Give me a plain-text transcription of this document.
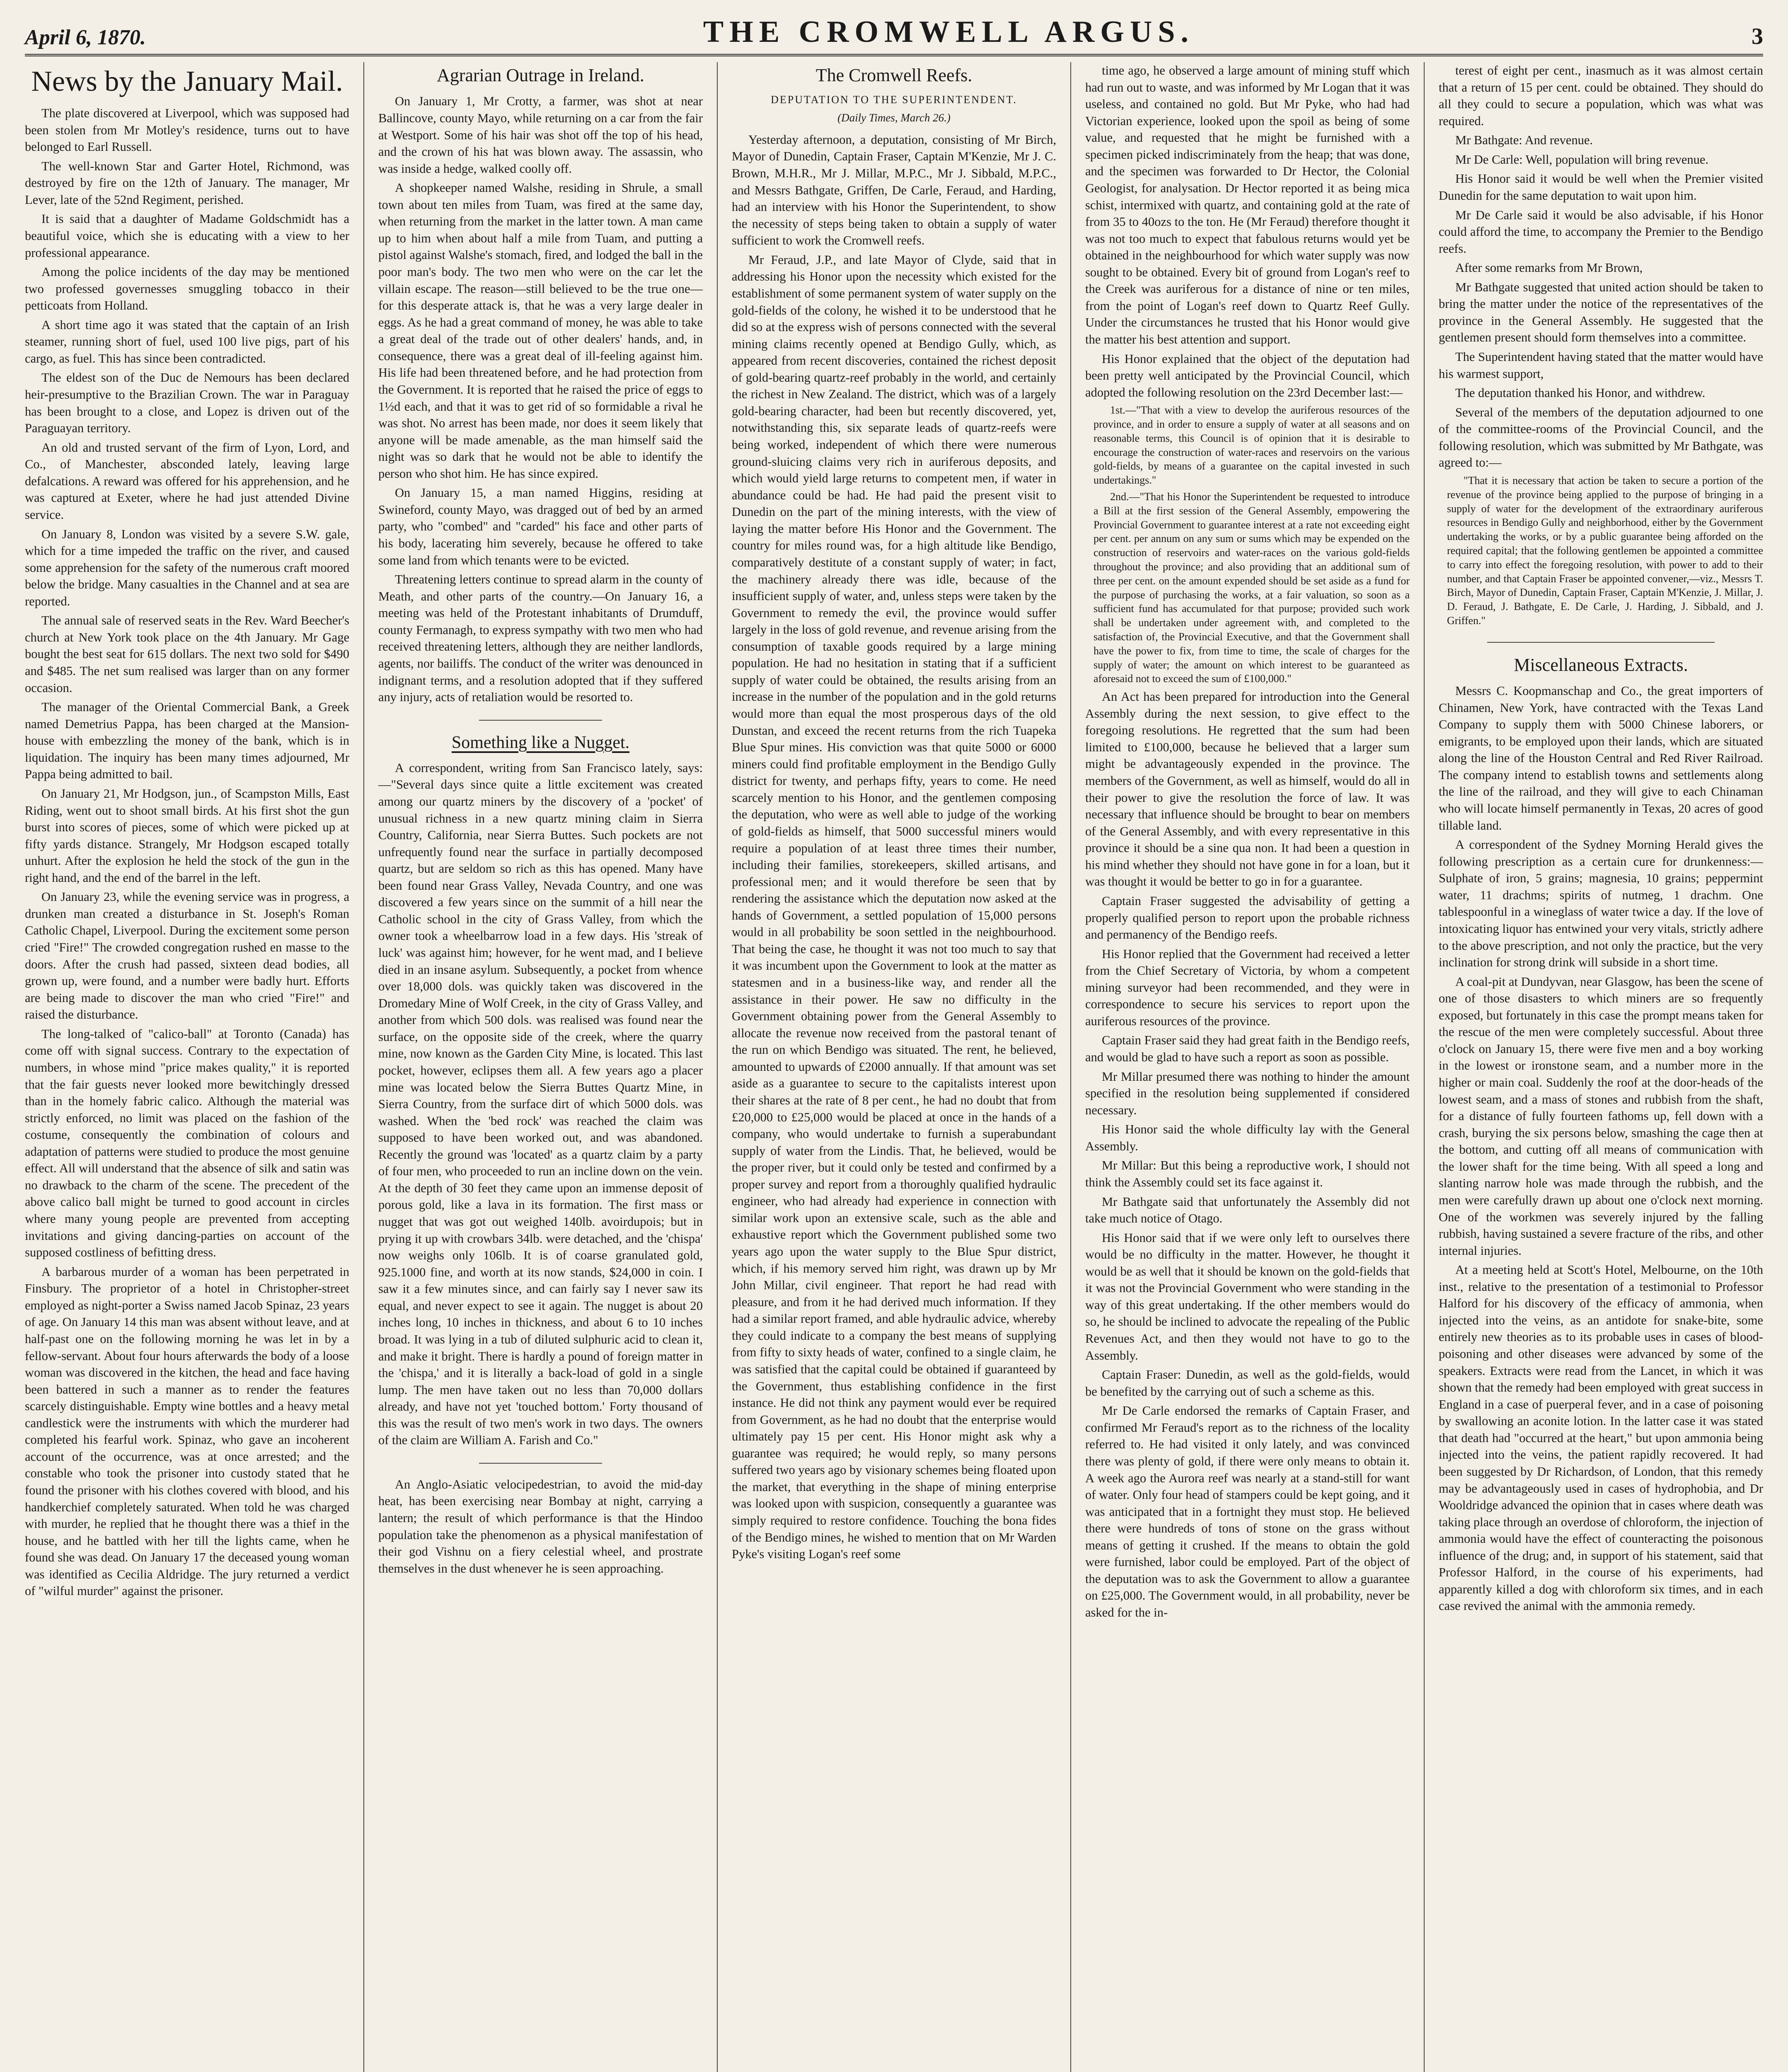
April 6, 1870.	THE CROMWELL ARGUS.	3
News by the January Mail.

The plate discovered at Liverpool, which was supposed had been stolen from Mr Motley's residence, turns out to have belonged to Earl Russell.

The well-known Star and Garter Hotel, Richmond, was destroyed by fire on the 12th of January. The manager, Mr Lever, late of the 52nd Regiment, perished.

It is said that a daughter of Madame Goldschmidt has a beautiful voice, which she is educating with a view to her professional appearance.

Among the police incidents of the day may be mentioned two professed governesses smuggling tobacco in their petticoats from Holland.

A short time ago it was stated that the captain of an Irish steamer, running short of fuel, used 100 live pigs, part of his cargo, as fuel. This has since been contradicted.

The eldest son of the Duc de Nemours has been declared heir-presumptive to the Brazilian Crown. The war in Paraguay has been brought to a close, and Lopez is driven out of the Paraguayan territory.

An old and trusted servant of the firm of Lyon, Lord, and Co., of Manchester, absconded lately, leaving large defalcations. A reward was offered for his apprehension, and he was captured at Exeter, where he had just attended Divine service.

On January 8, London was visited by a severe S.W. gale, which for a time impeded the traffic on the river, and caused some apprehension for the safety of the numerous craft moored below the bridge. Many casualties in the Channel and at sea are reported.

The annual sale of reserved seats in the Rev. Ward Beecher's church at New York took place on the 4th January. Mr Gage bought the best seat for 615 dollars. The next two sold for $490 and $485. The net sum realised was larger than on any former occasion.

The manager of the Oriental Commercial Bank, a Greek named Demetrius Pappa, has been charged at the Mansion-house with embezzling the money of the bank, which is in liquidation. The inquiry has been many times adjourned, Mr Pappa being admitted to bail.

On January 21, Mr Hodgson, jun., of Scampston Mills, East Riding, went out to shoot small birds. At his first shot the gun burst into scores of pieces, some of which were picked up at fifty yards distance. Strangely, Mr Hodgson escaped totally unhurt. After the explosion he held the stock of the gun in the right hand, and the end of the barrel in the left.

On January 23, while the evening service was in progress, a drunken man created a disturbance in St. Joseph's Roman Catholic Chapel, Liverpool. During the excitement some person cried "Fire!" The crowded congregation rushed en masse to the doors. After the crush had passed, sixteen dead bodies, all grown up, were found, and a number were badly hurt. Efforts are being made to discover the man who cried "Fire!" and raised the disturbance.

The long-talked of "calico-ball" at Toronto (Canada) has come off with signal success. Contrary to the expectation of numbers, in whose mind "price makes quality," it is reported that the fair guests never looked more bewitchingly dressed than in the homely fabric calico. Although the material was strictly enforced, no limit was placed on the fashion of the costume, consequently the combination of colours and adaptation of patterns were studied to produce the most genuine effect. All will understand that the absence of silk and satin was no drawback to the charm of the scene. The precedent of the above calico ball might be turned to good account in circles where many young people are prevented from accepting invitations and giving dancing-parties on account of the supposed costliness of befitting dress.

A barbarous murder of a woman has been perpetrated in Finsbury. The proprietor of a hotel in Christopher-street employed as night-porter a Swiss named Jacob Spinaz, 23 years of age. On January 14 this man was absent without leave, and at half-past one on the following morning he was let in by a fellow-servant. About four hours afterwards the body of a loose woman was discovered in the kitchen, the head and face having been battered in such a manner as to render the features scarcely distinguishable. Empty wine bottles and a heavy metal candlestick were the instruments with which the murderer had completed his fearful work. Spinaz, who gave an incoherent account of the occurrence, was at once arrested; and the constable who took the prisoner into custody stated that he found the prisoner with his clothes covered with blood, and his handkerchief completely saturated. When told he was charged with murder, he replied that he thought there was a thief in the house, and he battled with her till the lights came, when he found she was dead. On January 17 the deceased young woman was identified as Cecilia Aldridge. The jury returned a verdict of "wilful murder" against the prisoner.

Agrarian Outrage in Ireland.

On January 1, Mr Crotty, a farmer, was shot at near Ballincove, county Mayo, while returning on a car from the fair at Westport. Some of his hair was shot off the top of his head, and the crown of his hat was blown away. The assassin, who was inside a hedge, walked coolly off.

A shopkeeper named Walshe, residing in Shrule, a small town about ten miles from Tuam, was fired at the same day, when returning from the market in the latter town. A man came up to him when about half a mile from Tuam, and putting a pistol against Walshe's stomach, fired, and lodged the ball in the poor man's body. The two men who were on the car let the villain escape. The reason—still believed to be the true one—for this desperate attack is, that he was a very large dealer in eggs. As he had a great command of money, he was able to take a great deal of the trade out of other dealers' hands, and, in consequence, there was a great deal of ill-feeling against him. His life had been threatened before, and he had protection from the Government. It is reported that he raised the price of eggs to 1½d each, and that it was to get rid of so formidable a rival he was shot. No arrest has been made, nor does it seem likely that anyone will be made amenable, as the man himself said the night was so dark that he would not be able to identify the person who shot him. He has since expired.

On January 15, a man named Higgins, residing at Swineford, county Mayo, was dragged out of bed by an armed party, who "combed" and "carded" his face and other parts of his body, lacerating him severely, because he offered to take some land from which tenants were to be evicted.

Threatening letters continue to spread alarm in the county of Meath, and other parts of the country.—On January 16, a meeting was held of the Protestant inhabitants of Drumduff, county Fermanagh, to express sympathy with two men who had received threatening letters, although they are neither landlords, agents, nor bailiffs. The conduct of the writer was denounced in indignant terms, and a resolution adopted that if they suffered any injury, acts of retaliation would be resorted to.

Something like a Nugget.

A correspondent, writing from San Francisco lately, says:—"Several days since quite a little excitement was created among our quartz miners by the discovery of a 'pocket' of unusual richness in a new quartz mining claim in Sierra Country, California, near Sierra Buttes. Such pockets are not unfrequently found near the surface in partially decomposed quartz, but are seldom so rich as this has opened. Many have been found near Grass Valley, Nevada Country, and one was discovered a few years since on the summit of a hill near the Catholic school in the city of Grass Valley, from which the owner took a wheelbarrow load in a few days. His 'streak of luck' was against him; however, for he went mad, and I believe died in an insane asylum. Subsequently, a pocket from whence over 18,000 dols. was quickly taken was discovered in the Dromedary Mine of Wolf Creek, in the city of Grass Valley, and another from which 500 dols. was realised was found near the surface, on the opposite side of the creek, where the quarry mine, now known as the Garden City Mine, is located. This last pocket, however, eclipses them all. A few years ago a placer mine was located below the Sierra Buttes Quartz Mine, in Sierra Country, from the surface dirt of which 5000 dols. was washed. When the 'bed rock' was reached the claim was supposed to have been worked out, and was abandoned. Recently the ground was 'located' as a quartz claim by a party of four men, who proceeded to run an incline down on the vein. At the depth of 30 feet they came upon an immense deposit of porous gold, like a lava in its formation. The first mass or nugget that was got out weighed 140lb. avoirdupois; but in prying it up with crowbars 34lb. were detached, and the 'chispa' now weighs only 106lb. It is of coarse granulated gold, 925.1000 fine, and worth at its now stands, $24,000 in coin. I saw it a few minutes since, and can fairly say I never saw its equal, and never expect to see it again. The nugget is about 20 inches long, 10 inches in thickness, and about 6 to 10 inches broad. It was lying in a tub of diluted sulphuric acid to clean it, and make it bright. There is hardly a pound of foreign matter in the 'chispa,' and it is literally a back-load of gold in a single lump. The men have taken out no less than 70,000 dollars already, and have not yet 'touched bottom.' Forty thousand of this was the result of two men's work in two days. The owners of the claim are William A. Farish and Co."

An Anglo-Asiatic velocipedestrian, to avoid the mid-day heat, has been exercising near Bombay at night, carrying a lantern; the result of which performance is that the Hindoo population take the phenomenon as a physical manifestation of their god Vishnu on a fiery celestial wheel, and prostrate themselves in the dust whenever he is seen approaching.

The Cromwell Reefs.
DEPUTATION TO THE SUPERINTENDENT.
(Daily Times, March 26.)

Yesterday afternoon, a deputation, consisting of Mr Birch, Mayor of Dunedin, Captain Fraser, Captain M'Kenzie, Mr J. C. Brown, M.H.R., Mr J. Millar, M.P.C., Mr J. Sibbald, M.P.C., and Messrs Bathgate, Griffen, De Carle, Feraud, and Harding, had an interview with his Honor the Superintendent, to show the necessity of steps being taken to obtain a supply of water sufficient to work the Cromwell reefs.

Mr Feraud, J.P., and late Mayor of Clyde, said that in addressing his Honor upon the necessity which existed for the establishment of some permanent system of water supply on the gold-fields of the colony, he wished it to be understood that he did so at the express wish of persons connected with the several mining claims recently opened at Bendigo Gully, which, as appeared from recent discoveries, contained the richest deposit of gold-bearing quartz-reef probably in the world, and certainly the richest in New Zealand. The district, which was of a largely gold-bearing character, had been but recently discovered, yet, notwithstanding this, six separate leads of quartz-reefs were being worked, independent of which there were numerous ground-sluicing claims very rich in auriferous deposits, and which would yield large returns to competent men, if water in abundance could be had. He had paid the present visit to Dunedin on the part of the mining interests, with the view of laying the matter before His Honor and the Government. The country for miles round was, for a high altitude like Bendigo, comparatively destitute of a constant supply of water; in fact, the machinery already there was idle, because of the insufficient supply of water, and, unless steps were taken by the Government to remedy the evil, the province would suffer largely in the loss of gold revenue, and revenue arising from the consumption of taxable goods required by a large mining population. He had no hesitation in stating that if a sufficient supply of water could be obtained, the results arising from an increase in the number of the population and in the gold returns would more than equal the most prosperous days of the old Dunstan, and exceed the recent returns from the rich Tuapeka Blue Spur mines. His conviction was that quite 5000 or 6000 miners could find profitable employment in the Bendigo Gully district for twenty, and perhaps fifty, years to come. He need scarcely mention to his Honor, and the gentlemen composing the deputation, who were as well able to judge of the working of gold-fields as himself, that 5000 successful miners would require a population of at least three times their number, including their families, storekeepers, skilled artisans, and professional men; and it would therefore be seen that by rendering the assistance which the deputation now asked at the hands of Government, a settled population of 15,000 persons would in all probability be soon settled in the neighbourhood. That being the case, he thought it was not too much to say that it was incumbent upon the Government to look at the matter as statesmen and in a business-like way, and render all the assistance in their power. He saw no difficulty in the Government obtaining power from the General Assembly to allocate the revenue now received from the pastoral tenant of the run on which Bendigo was situated. The rent, he believed, amounted to upwards of £2000 annually. If that amount was set aside as a guarantee to secure to the capitalists interest upon their shares at the rate of 8 per cent., he had no doubt that from £20,000 to £25,000 would be placed at once in the hands of a company, who would undertake to furnish a superabundant supply of water from the Lindis. That, he believed, would be the proper river, but it could only be tested and confirmed by a proper survey and report from a thoroughly qualified hydraulic engineer, who had already had experience in connection with similar work upon an extensive scale, such as the able and exhaustive report which the Government published some two years ago upon the water supply to the Blue Spur district, which, if his memory served him right, was drawn up by Mr John Millar, civil engineer. That report he had read with pleasure, and from it he had derived much information. If they had a similar report framed, and able hydraulic advice, whereby they could indicate to a company the best means of supplying from fifty to sixty heads of water, confined to a single claim, he was satisfied that the capital could be obtained if guaranteed by the Government, thus establishing confidence in the first instance. He did not think any payment would ever be required from Government, as he had no doubt that the enterprise would ultimately pay 15 per cent. His Honor might ask why a guarantee was required; he would reply, so many persons suffered two years ago by visionary schemes being floated upon the market, that everything in the shape of mining enterprise was looked upon with suspicion, consequently a guarantee was simply required to restore confidence. Touching the bona fides of the Bendigo mines, he wished to mention that on Mr Warden Pyke's visiting Logan's reef some

time ago, he observed a large amount of mining stuff which had run out to waste, and was informed by Mr Logan that it was useless, and contained no gold. But Mr Pyke, who had had Victorian experience, looked upon the spoil as being of some value, and requested that he might be furnished with a specimen picked indiscriminately from the heap; that was done, and the specimen was forwarded to Dr Hector, the Colonial Geologist, for analysation. Dr Hector reported it as being mica schist, intermixed with quartz, and containing gold at the rate of from 35 to 40ozs to the ton. He (Mr Feraud) therefore thought it was not too much to expect that fabulous returns would yet be obtained in the neighbourhood for which water supply was now sought to be obtained. Every bit of ground from Logan's reef to the Creek was auriferous for a distance of nine or ten miles, from the point of Logan's reef down to Quartz Reef Gully. Under the circumstances he trusted that his Honor would give the matter his best attention and support.

His Honor explained that the object of the deputation had been pretty well anticipated by the Provincial Council, which adopted the following resolution on the 23rd December last:—

1st.—"That with a view to develop the auriferous resources of the province, and in order to ensure a supply of water at all seasons and on reasonable terms, this Council is of opinion that it is desirable to encourage the construction of water-races and reservoirs on the various gold-fields, by means of a guarantee on the capital invested in such undertakings."

2nd.—"That his Honor the Superintendent be requested to introduce a Bill at the first session of the General Assembly, empowering the Provincial Government to guarantee interest at a rate not exceeding eight per cent. per annum on any sum or sums which may be expended on the construction of reservoirs and water-races on the various gold-fields throughout the province; and also providing that an additional sum of three per cent. on the amount expended should be set aside as a fund for the purpose of purchasing the works, at a fair valuation, so soon as a sufficient fund has accumulated for that purpose; provided such work shall be undertaken under agreement with, and completed to the satisfaction of, the Provincial Executive, and that the Government shall have the power to fix, from time to time, the scale of charges for the supply of water; the amount on which interest to be guaranteed as aforesaid not to exceed the sum of £100,000."

An Act has been prepared for introduction into the General Assembly during the next session, to give effect to the foregoing resolutions. He regretted that the sum had been limited to £100,000, because he believed that a larger sum might be advantageously expended in the province. The members of the Government, as well as himself, would do all in their power to give the resolution the force of law. It was necessary that influence should be brought to bear on members of the General Assembly, and with every representative in this province it should be a sine qua non. It had been a question in his mind whether they should not have gone in for a loan, but it was thought it would be better to go in for a guarantee.

Captain Fraser suggested the advisability of getting a properly qualified person to report upon the probable richness and permanency of the Bendigo reefs.

His Honor replied that the Government had received a letter from the Chief Secretary of Victoria, by whom a competent mining surveyor had been recommended, and they were in correspondence to secure his services to report upon the auriferous resources of the province.

Captain Fraser said they had great faith in the Bendigo reefs, and would be glad to have such a report as soon as possible.

Mr Millar presumed there was nothing to hinder the amount specified in the resolution being supplemented if considered necessary.

His Honor said the whole difficulty lay with the General Assembly.

Mr Millar: But this being a reproductive work, I should not think the Assembly could set its face against it.

Mr Bathgate said that unfortunately the Assembly did not take much notice of Otago.

His Honor said that if we were only left to ourselves there would be no difficulty in the matter. However, he thought it would be as well that it should be known on the gold-fields that it was not the Provincial Government who were standing in the way of this great undertaking. If the other members would do so, he should be inclined to advocate the repealing of the Public Revenues Act, and then they would not have to go to the Assembly.

Captain Fraser: Dunedin, as well as the gold-fields, would be benefited by the carrying out of such a scheme as this.

Mr De Carle endorsed the remarks of Captain Fraser, and confirmed Mr Feraud's report as to the richness of the locality referred to. He had visited it only lately, and was convinced there was plenty of gold, if there were only means to obtain it. A week ago the Aurora reef was nearly at a stand-still for want of water. Only four head of stampers could be kept going, and it was anticipated that in a fortnight they must stop. He believed there were hundreds of tons of stone on the grass without means of getting it crushed. If the means to obtain the gold were furnished, labor could be employed. Part of the object of the deputation was to ask the Government to allow a guarantee on £25,000. The Government would, in all probability, never be asked for the in-

terest of eight per cent., inasmuch as it was almost certain that a return of 15 per cent. could be obtained. They should do all they could to secure a population, which was what was required.

Mr Bathgate: And revenue.

Mr De Carle: Well, population will bring revenue.

His Honor said it would be well when the Premier visited Dunedin for the same deputation to wait upon him.

Mr De Carle said it would be also advisable, if his Honor could afford the time, to accompany the Premier to the Bendigo reefs.

After some remarks from Mr Brown,

Mr Bathgate suggested that united action should be taken to bring the matter under the notice of the representatives of the province in the General Assembly. He suggested that the gentlemen present should form themselves into a committee.

The Superintendent having stated that the matter would have his warmest support,

The deputation thanked his Honor, and withdrew.

Several of the members of the deputation adjourned to one of the committee-rooms of the Provincial Council, and the following resolution, which was submitted by Mr Bathgate, was agreed to:—

"That it is necessary that action be taken to secure a portion of the revenue of the province being applied to the purpose of bringing in a supply of water for the development of the extraordinary auriferous resources in Bendigo Gully and neighborhood, either by the Government undertaking the works, or by a public guarantee being afforded on the required capital; that the following gentlemen be appointed a committee to carry into effect the foregoing resolution, with power to add to their number, and that Captain Fraser be appointed convener,—viz., Messrs T. Birch, Mayor of Dunedin, Captain Fraser, Captain M'Kenzie, J. Millar, J. D. Feraud, J. Bathgate, E. De Carle, J. Harding, J. Sibbald, and J. Griffen."

Miscellaneous Extracts.

Messrs C. Koopmanschap and Co., the great importers of Chinamen, New York, have contracted with the Texas Land Company to supply them with 5000 Chinese laborers, or emigrants, to be employed upon their lands, which are situated along the line of the Houston Central and Red River Railroad. The company intend to establish towns and settlements along the line of the railroad, and they will give to each Chinaman who will locate himself permanently in Texas, 20 acres of good tillable land.

A correspondent of the Sydney Morning Herald gives the following prescription as a certain cure for drunkenness:—Sulphate of iron, 5 grains; magnesia, 10 grains; peppermint water, 11 drachms; spirits of nutmeg, 1 drachm. One tablespoonful in a wineglass of water twice a day. If the love of intoxicating liquor has entwined your very vitals, strictly adhere to the above prescription, and not only the practice, but the very inclination for strong drink will subside in a short time.

A coal-pit at Dundyvan, near Glasgow, has been the scene of one of those disasters to which miners are so frequently exposed, but fortunately in this case the prompt means taken for the rescue of the men were completely successful. About three o'clock on January 15, there were five men and a boy working in the lowest or ironstone seam, and a number more in the higher or main coal. Suddenly the roof at the door-heads of the lowest seam, and a mass of stones and rubbish from the shaft, for a distance of fully fourteen fathoms up, fell down with a crash, burying the six persons below, smashing the cage then at the bottom, and cutting off all means of communication with the lower shaft for the time being. With all speed a long and slanting narrow hole was made through the rubbish, and the men were carefully drawn up about one o'clock next morning. One of the workmen was severely injured by the falling rubbish, having sustained a severe fracture of the ribs, and other internal injuries.

At a meeting held at Scott's Hotel, Melbourne, on the 10th inst., relative to the presentation of a testimonial to Professor Halford for his discovery of the efficacy of ammonia, when injected into the veins, as an antidote for snake-bite, some entirely new theories as to its probable uses in cases of blood-poisoning and other diseases were advanced by some of the speakers. Extracts were read from the Lancet, in which it was shown that the remedy had been employed with great success in England in a case of puerperal fever, and in a case of poisoning by swallowing an aconite lotion. In the latter case it was stated that death had "occurred at the heart," but upon ammonia being injected into the veins, the patient rapidly recovered. It had been suggested by Dr Richardson, of London, that this remedy may be advantageously used in cases of hydrophobia, and Dr Wooldridge advanced the opinion that in cases where death was taking place through an overdose of chloroform, the injection of ammonia would have the effect of counteracting the poisonous influence of the drug; and, in support of his statement, said that Professor Halford, in the course of his experiments, had apparently killed a dog with chloroform six times, and in each case revived the animal with the ammonia remedy.
